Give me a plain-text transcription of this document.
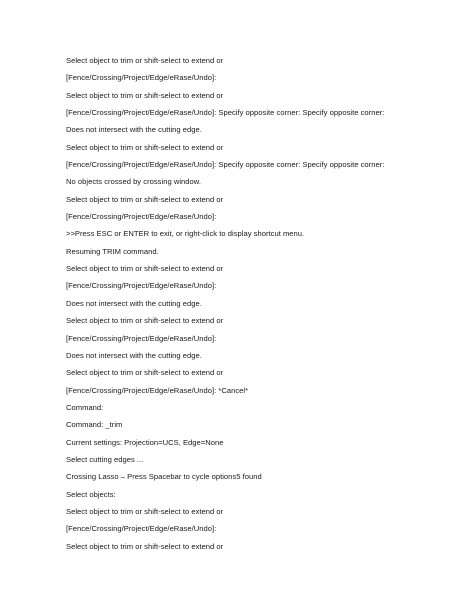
Select object to trim or shift-select to extend or
[Fence/Crossing/Project/Edge/eRase/Undo]:
Select object to trim or shift-select to extend or
[Fence/Crossing/Project/Edge/eRase/Undo]: Specify opposite corner: Specify opposite corner:
Does not intersect with the cutting edge.
Select object to trim or shift-select to extend or
[Fence/Crossing/Project/Edge/eRase/Undo]: Specify opposite corner: Specify opposite corner:
No objects crossed by crossing window.
Select object to trim or shift-select to extend or
[Fence/Crossing/Project/Edge/eRase/Undo]:
>>Press ESC or ENTER to exit, or right-click to display shortcut menu.
Resuming TRIM command.
Select object to trim or shift-select to extend or
[Fence/Crossing/Project/Edge/eRase/Undo]:
Does not intersect with the cutting edge.
Select object to trim or shift-select to extend or
[Fence/Crossing/Project/Edge/eRase/Undo]:
Does not intersect with the cutting edge.
Select object to trim or shift-select to extend or
[Fence/Crossing/Project/Edge/eRase/Undo]: *Cancel*
Command:
Command: _trim
Current settings: Projection=UCS, Edge=None
Select cutting edges ...
Crossing Lasso – Press Spacebar to cycle options5 found
Select objects:
Select object to trim or shift-select to extend or
[Fence/Crossing/Project/Edge/eRase/Undo]:
Select object to trim or shift-select to extend or
